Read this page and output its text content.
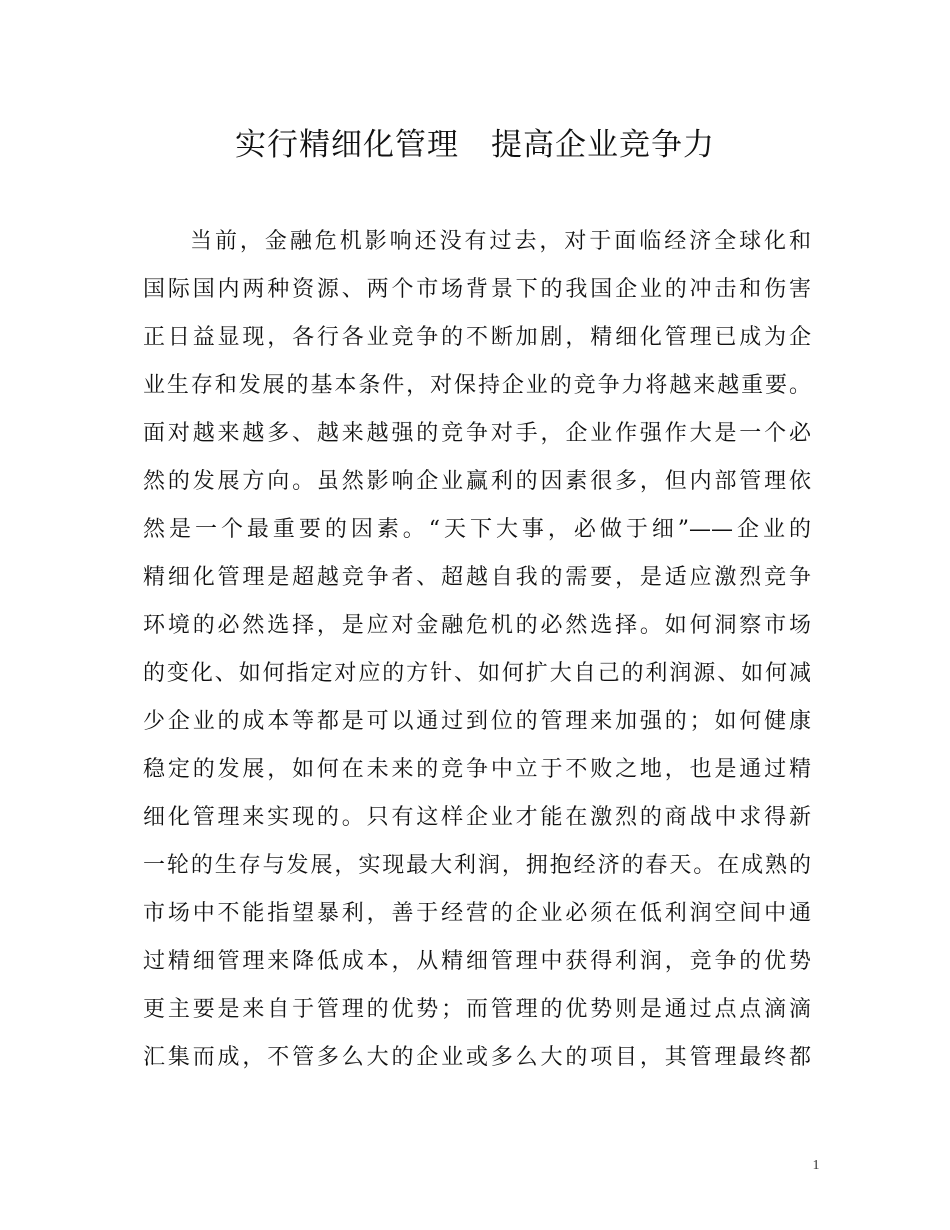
实行精细化管理　提高企业竞争力
当前，金融危机影响还没有过去，对于面临经济全球化和
国际国内两种资源、两个市场背景下的我国企业的冲击和伤害
正日益显现，各行各业竞争的不断加剧，精细化管理已成为企
业生存和发展的基本条件，对保持企业的竞争力将越来越重要。
面对越来越多、越来越强的竞争对手，企业作强作大是一个必
然的发展方向。虽然影响企业赢利的因素很多，但内部管理依
然是一个最重要的因素。“天下大事，必做于细”——企业的
精细化管理是超越竞争者、超越自我的需要，是适应激烈竞争
环境的必然选择，是应对金融危机的必然选择。如何洞察市场
的变化、如何指定对应的方针、如何扩大自己的利润源、如何减
少企业的成本等都是可以通过到位的管理来加强的；如何健康
稳定的发展，如何在未来的竞争中立于不败之地，也是通过精
细化管理来实现的。只有这样企业才能在激烈的商战中求得新
一轮的生存与发展，实现最大利润，拥抱经济的春天。在成熟的
市场中不能指望暴利，善于经营的企业必须在低利润空间中通
过精细管理来降低成本，从精细管理中获得利润，竞争的优势
更主要是来自于管理的优势；而管理的优势则是通过点点滴滴
汇集而成，不管多么大的企业或多么大的项目，其管理最终都
1
